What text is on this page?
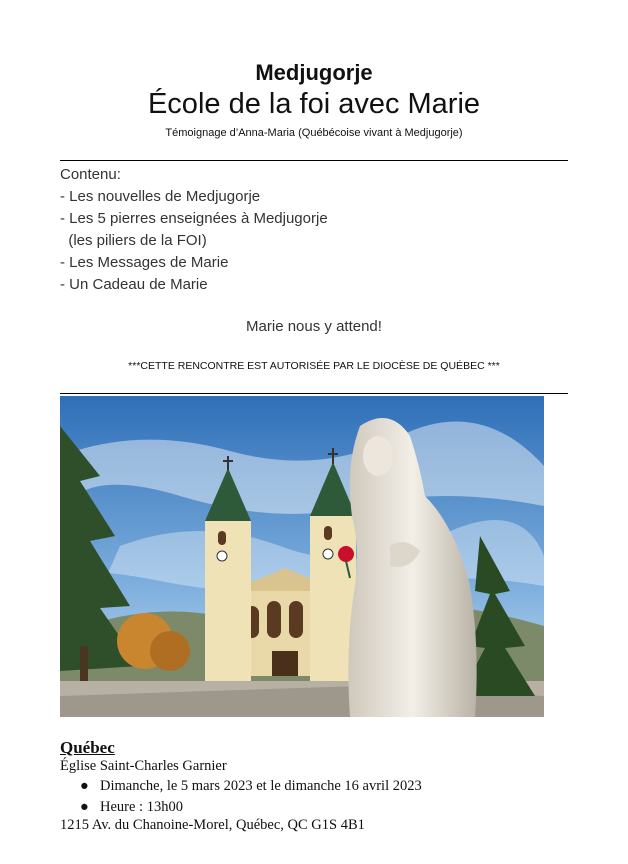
Medjugorje
École de la foi avec Marie
Témoignage d’Anna-Maria (Québécoise vivant à Medjugorje)
Contenu:
- Les nouvelles de Medjugorje
- Les 5 pierres enseignées à Medjugorje
(les piliers de la FOI)
- Les Messages de Marie
- Un Cadeau de Marie
Marie nous y attend!
***CETTE RENCONTRE EST AUTORISÉE PAR LE DIOCÈSE DE QUÉBEC ***
Québec
Église Saint-Charles Garnier
● Dimanche, le 5 mars 2023 et le dimanche 16 avril 2023
● Heure : 13h00
1215 Av. du Chanoine-Morel, Québec, QC G1S 4B1
